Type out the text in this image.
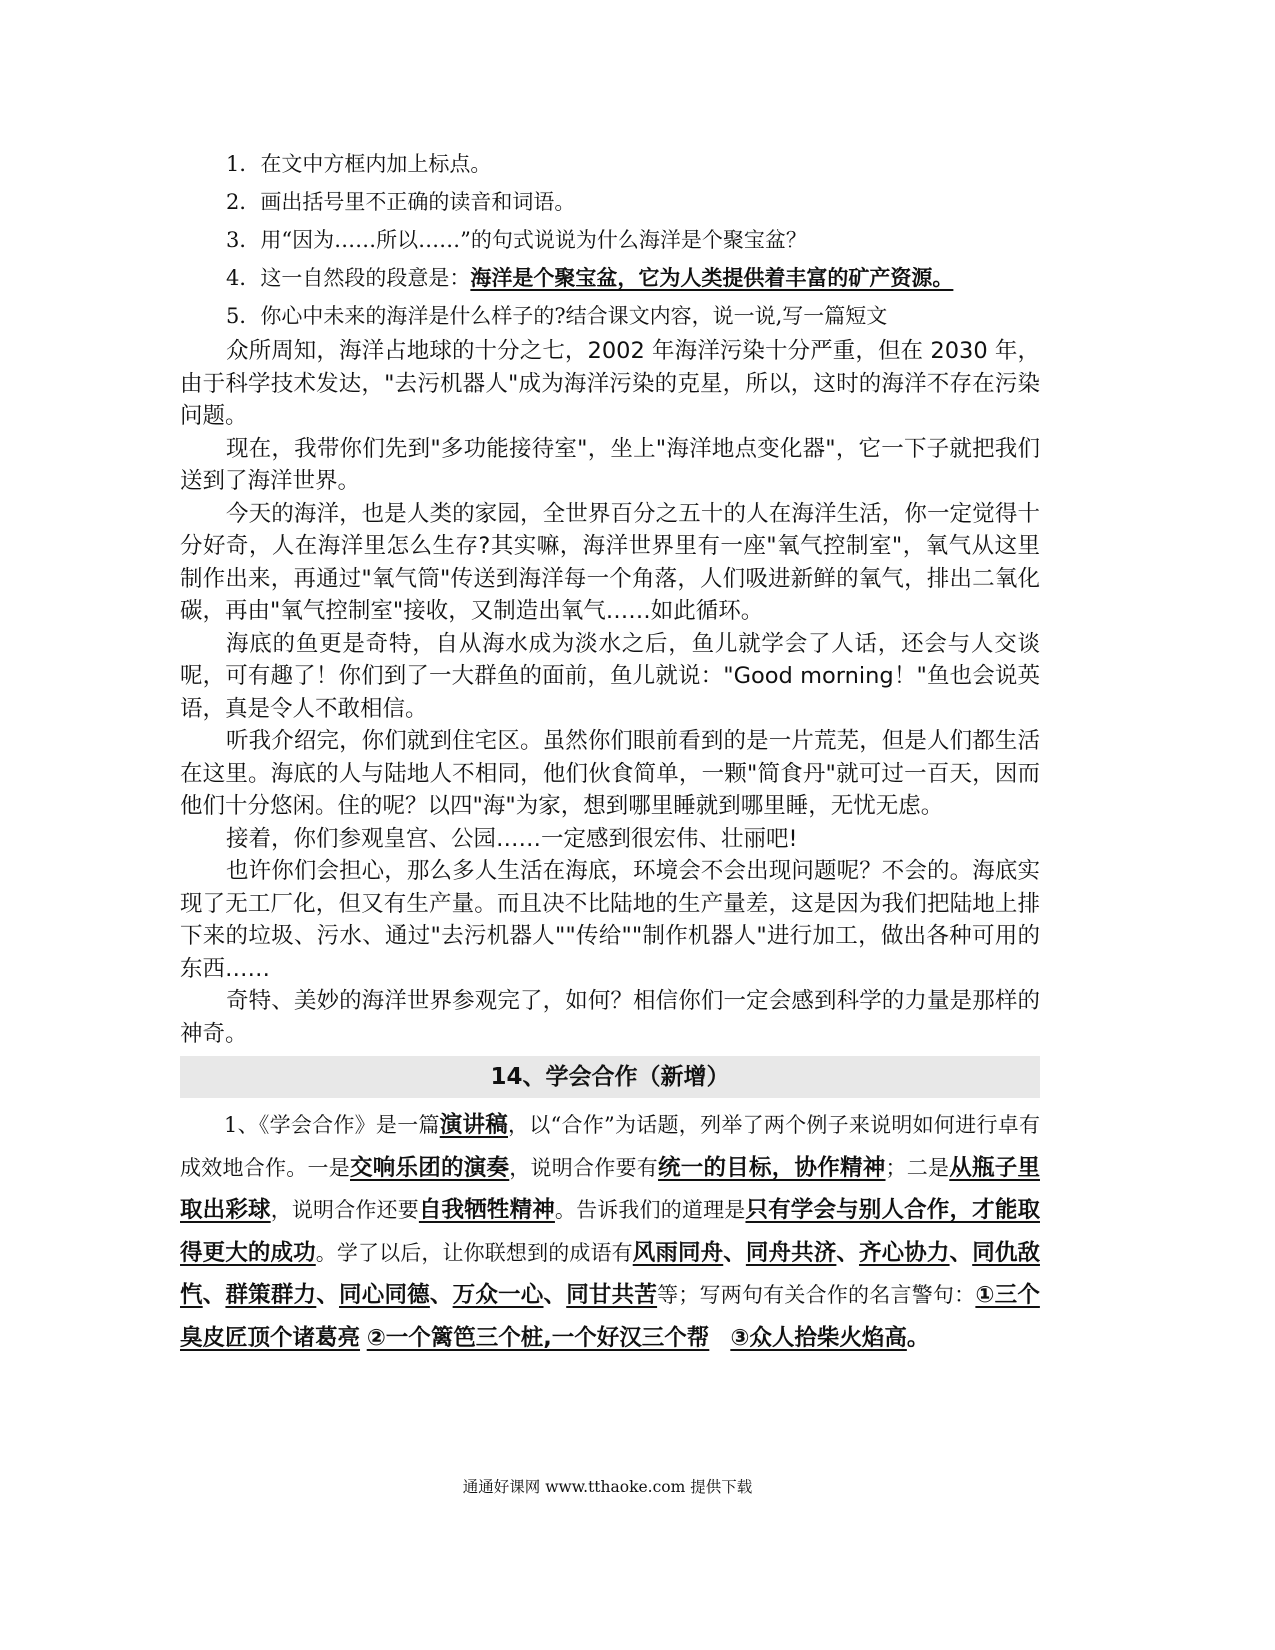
1．在文中方框内加上标点。
2．画出括号里不正确的读音和词语。
3．用“因为……所以……”的句式说说为什么海洋是个聚宝盆？
4．这一自然段的段意是：海洋是个聚宝盆，它为人类提供着丰富的矿产资源。
5．你心中未来的海洋是什么样子的?结合课文内容，说一说,写一篇短文

众所周知，海洋占地球的十分之七，2002 年海洋污染十分严重，但在 2030 年，由于科学技术发达，"去污机器人"成为海洋污染的克星，所以，这时的海洋不存在污染问题。

现在，我带你们先到"多功能接待室"，坐上"海洋地点变化器"，它一下子就把我们送到了海洋世界。

今天的海洋，也是人类的家园，全世界百分之五十的人在海洋生活，你一定觉得十分好奇，人在海洋里怎么生存?其实嘛，海洋世界里有一座"氧气控制室"，氧气从这里制作出来，再通过"氧气筒"传送到海洋每一个角落，人们吸进新鲜的氧气，排出二氧化碳，再由"氧气控制室"接收，又制造出氧气……如此循环。

海底的鱼更是奇特，自从海水成为淡水之后，鱼儿就学会了人话，还会与人交谈呢，可有趣了！你们到了一大群鱼的面前，鱼儿就说："Good morning！"鱼也会说英语，真是令人不敢相信。

听我介绍完，你们就到住宅区。虽然你们眼前看到的是一片荒芜，但是人们都生活在这里。海底的人与陆地人不相同，他们伙食简单，一颗"简食丹"就可过一百天，因而他们十分悠闲。住的呢？以四"海"为家，想到哪里睡就到哪里睡，无忧无虑。

接着，你们参观皇宫、公园……一定感到很宏伟、壮丽吧!

也许你们会担心，那么多人生活在海底，环境会不会出现问题呢？不会的。海底实现了无工厂化，但又有生产量。而且决不比陆地的生产量差，这是因为我们把陆地上排下来的垃圾、污水、通过"去污机器人""传给""制作机器人"进行加工，做出各种可用的东西……

奇特、美妙的海洋世界参观完了，如何？相信你们一定会感到科学的力量是那样的神奇。

14、学会合作（新增）
1、《学会合作》是一篇演讲稿，以“合作”为话题，列举了两个例子来说明如何进行卓有成效地合作。一是交响乐团的演奏，说明合作要有统一的目标，协作精神；二是从瓶子里取出彩球，说明合作还要自我牺牲精神。告诉我们的道理是只有学会与别人合作，才能取得更大的成功。学了以后，让你联想到的成语有风雨同舟、同舟共济、齐心协力、同仇敌忾、群策群力、同心同德、万众一心、同甘共苦等；写两句有关合作的名言警句：①三个臭皮匠顶个诸葛亮 ②一个篱笆三个桩,一个好汉三个帮　 ③众人拾柴火焰高。
通通好课网 www.tthaoke.com 提供下载
